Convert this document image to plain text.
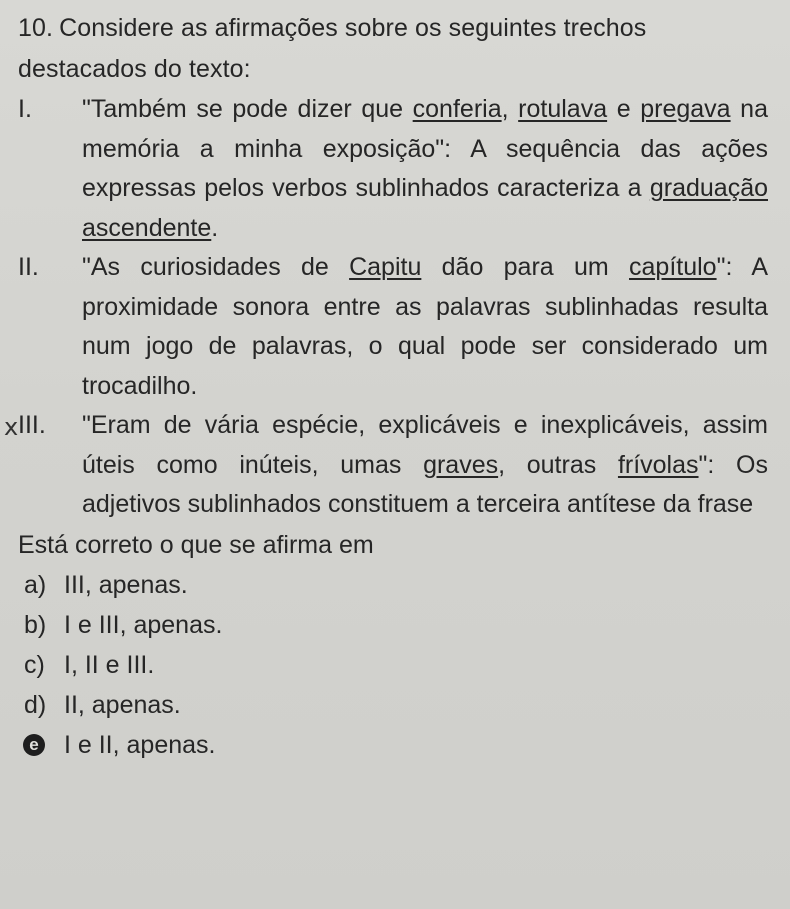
10. Considere as afirmações sobre os seguintes trechos destacados do texto:
I. "Também se pode dizer que conferia, rotulava e pregava na memória a minha exposição": A sequência das ações expressas pelos verbos sublinhados caracteriza a graduação ascendente.

II. "As curiosidades de Capitu dão para um capítulo": A proximidade sonora entre as palavras sublinhadas resulta num jogo de palavras, o qual pode ser considerado um trocadilho.

x III. "Eram de vária espécie, explicáveis e inexplicáveis, assim úteis como inúteis, umas graves, outras frívolas": Os adjetivos sublinhados constituem a terceira antítese da frase

Está correto o que se afirma em
a) III, apenas.
b) I e III, apenas.
c) I, II e III.
d) II, apenas.
e I e II, apenas.
